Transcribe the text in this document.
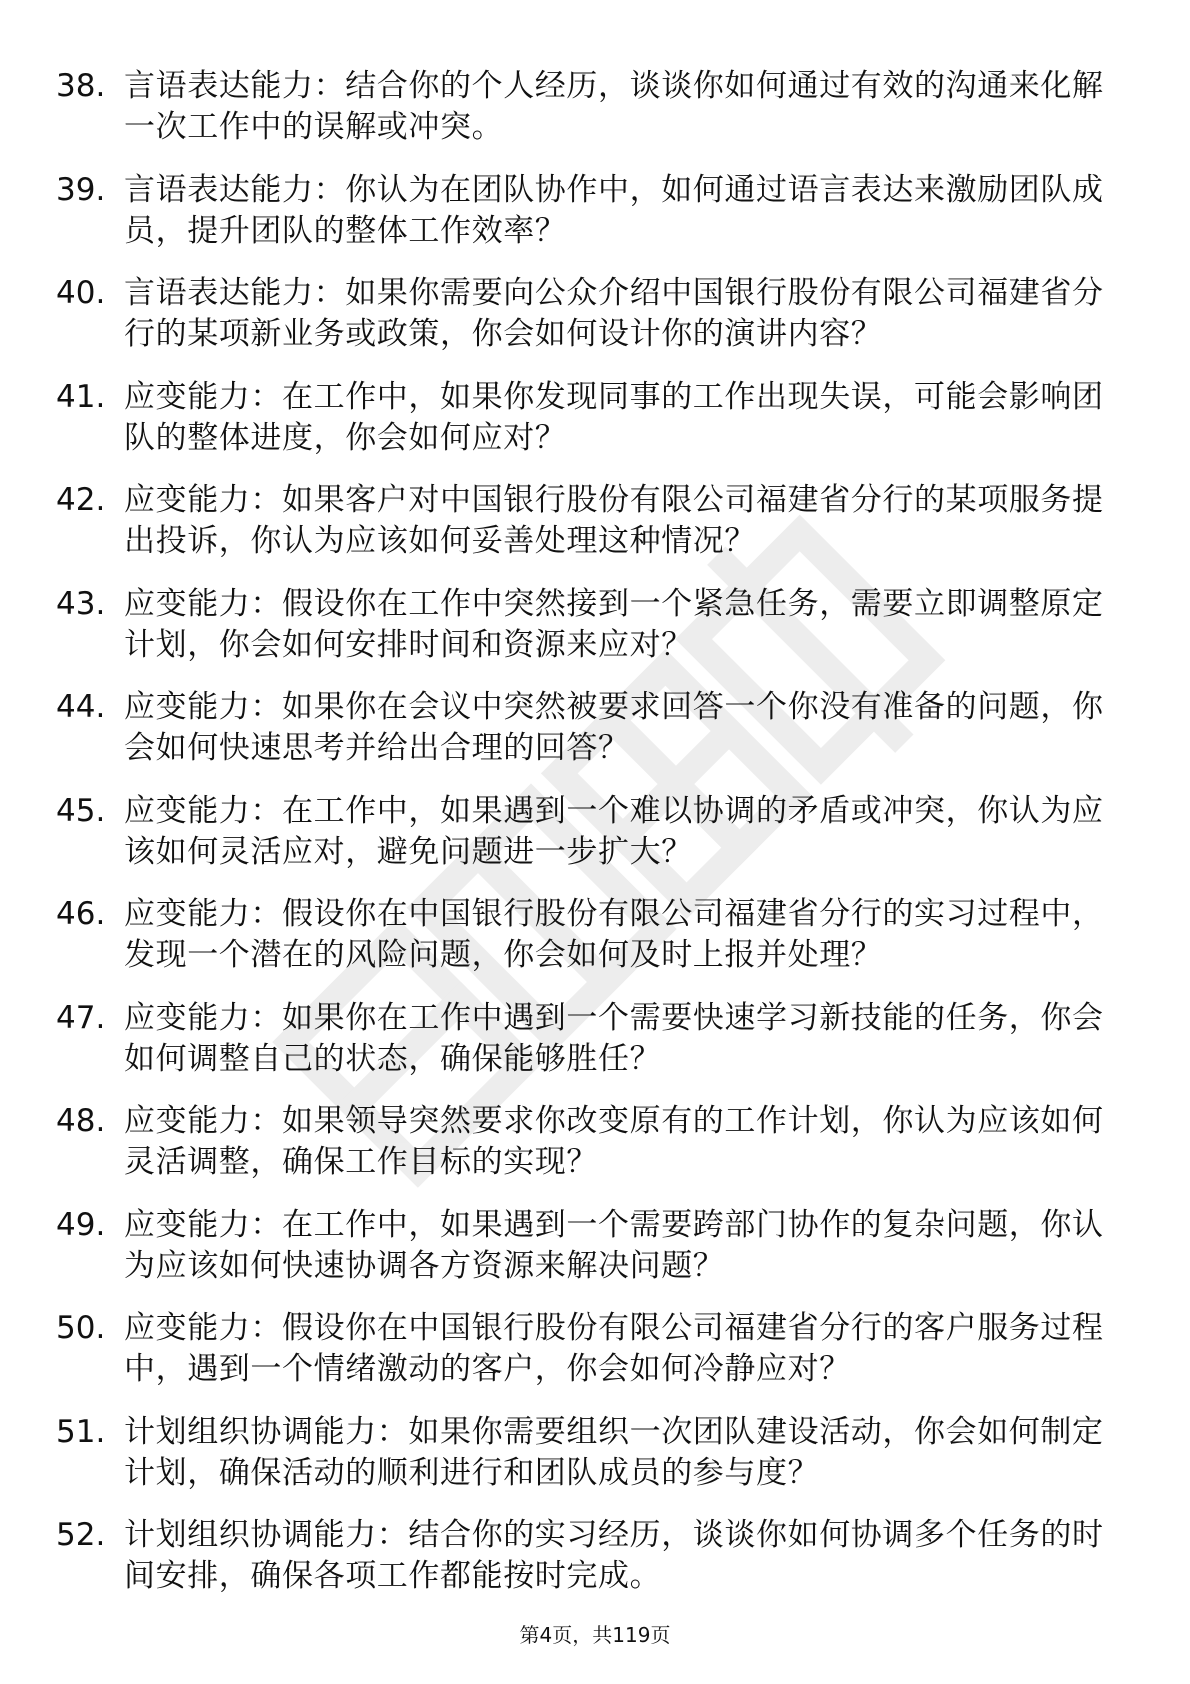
38. 言语表达能力：结合你的个人经历，谈谈你如何通过有效的沟通来化解一次工作中的误解或冲突。
39. 言语表达能力：你认为在团队协作中，如何通过语言表达来激励团队成员，提升团队的整体工作效率？
40. 言语表达能力：如果你需要向公众介绍中国银行股份有限公司福建省分行的某项新业务或政策，你会如何设计你的演讲内容？
41. 应变能力：在工作中，如果你发现同事的工作出现失误，可能会影响团队的整体进度，你会如何应对？
42. 应变能力：如果客户对中国银行股份有限公司福建省分行的某项服务提出投诉，你认为应该如何妥善处理这种情况？
43. 应变能力：假设你在工作中突然接到一个紧急任务，需要立即调整原定计划，你会如何安排时间和资源来应对？
44. 应变能力：如果你在会议中突然被要求回答一个你没有准备的问题，你会如何快速思考并给出合理的回答？
45. 应变能力：在工作中，如果遇到一个难以协调的矛盾或冲突，你认为应该如何灵活应对，避免问题进一步扩大？
46. 应变能力：假设你在中国银行股份有限公司福建省分行的实习过程中，发现一个潜在的风险问题，你会如何及时上报并处理？
47. 应变能力：如果你在工作中遇到一个需要快速学习新技能的任务，你会如何调整自己的状态，确保能够胜任？
48. 应变能力：如果领导突然要求你改变原有的工作计划，你认为应该如何灵活调整，确保工作目标的实现？
49. 应变能力：在工作中，如果遇到一个需要跨部门协作的复杂问题，你认为应该如何快速协调各方资源来解决问题？
50. 应变能力：假设你在中国银行股份有限公司福建省分行的客户服务过程中，遇到一个情绪激动的客户，你会如何冷静应对？
51. 计划组织协调能力：如果你需要组织一次团队建设活动，你会如何制定计划，确保活动的顺利进行和团队成员的参与度？
52. 计划组织协调能力：结合你的实习经历，谈谈你如何协调多个任务的时间安排，确保各项工作都能按时完成。
第4页，共119页
